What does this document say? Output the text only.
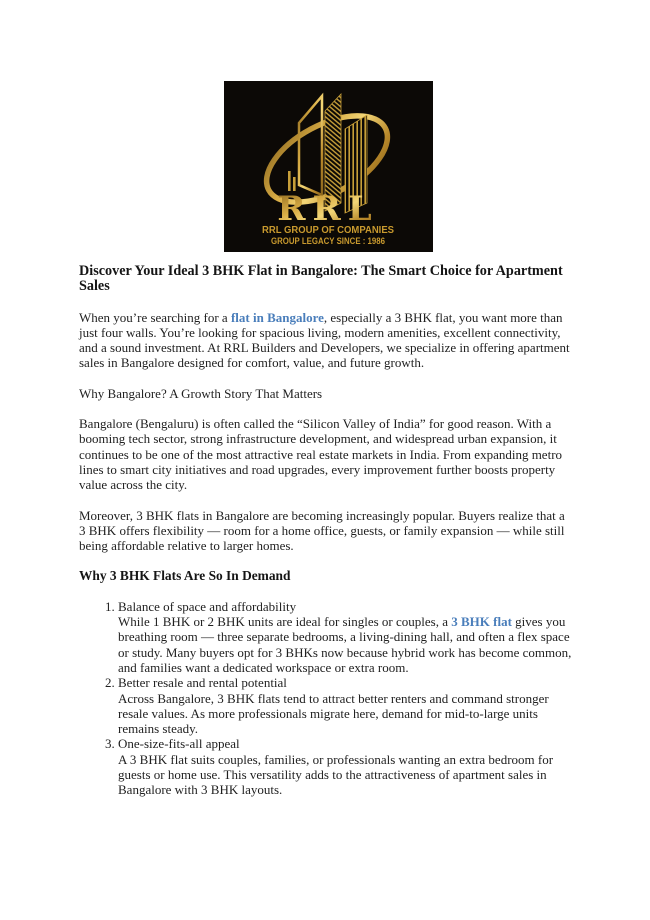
RRL
RRL GROUP OF COMPANIES
GROUP LEGACY SINCE : 1986
Discover Your Ideal 3 BHK Flat in Bangalore: The Smart Choice for Apartment Sales

When you’re searching for a flat in Bangalore, especially a 3 BHK flat, you want more than just four walls. You’re looking for spacious living, modern amenities, excellent connectivity, and a sound investment. At RRL Builders and Developers, we specialize in offering apartment sales in Bangalore designed for comfort, value, and future growth.

Why Bangalore? A Growth Story That Matters

Bangalore (Bengaluru) is often called the “Silicon Valley of India” for good reason. With a booming tech sector, strong infrastructure development, and widespread urban expansion, it continues to be one of the most attractive real estate markets in India. From expanding metro lines to smart city initiatives and road upgrades, every improvement further boosts property value across the city.

Moreover, 3 BHK flats in Bangalore are becoming increasingly popular. Buyers realize that a 3 BHK offers flexibility — room for a home office, guests, or family expansion — while still being affordable relative to larger homes.

Why 3 BHK Flats Are So In Demand
1. Balance of space and affordability
While 1 BHK or 2 BHK units are ideal for singles or couples, a 3 BHK flat gives you breathing room — three separate bedrooms, a living-dining hall, and often a flex space or study. Many buyers opt for 3 BHKs now because hybrid work has become common, and families want a dedicated workspace or extra room.
2. Better resale and rental potential
Across Bangalore, 3 BHK flats tend to attract better renters and command stronger resale values. As more professionals migrate here, demand for mid-to-large units remains steady.
3. One-size-fits-all appeal
A 3 BHK flat suits couples, families, or professionals wanting an extra bedroom for guests or home use. This versatility adds to the attractiveness of apartment sales in Bangalore with 3 BHK layouts.
